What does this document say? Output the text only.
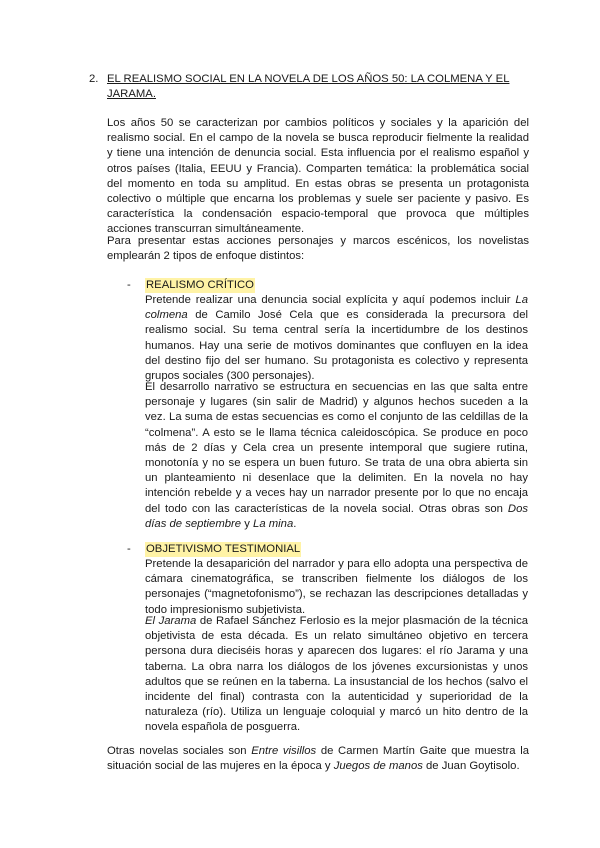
2. EL REALISMO SOCIAL EN LA NOVELA DE LOS AÑOS 50: LA COLMENA Y EL JARAMA.

Los años 50 se caracterizan por cambios políticos y sociales y la aparición del realismo social. En el campo de la novela se busca reproducir fielmente la realidad y tiene una intención de denuncia social. Esta influencia por el realismo español y otros países (Italia, EEUU y Francia). Comparten temática: la problemática social del momento en toda su amplitud. En estas obras se presenta un protagonista colectivo o múltiple que encarna los problemas y suele ser paciente y pasivo. Es característica la condensación espacio-temporal que provoca que múltiples acciones transcurran simultáneamente.

Para presentar estas acciones personajes y marcos escénicos, los novelistas emplearán 2 tipos de enfoque distintos:

- REALISMO CRÍTICO

Pretende realizar una denuncia social explícita y aquí podemos incluir La colmena de Camilo José Cela que es considerada la precursora del realismo social. Su tema central sería la incertidumbre de los destinos humanos. Hay una serie de motivos dominantes que confluyen en la idea del destino fijo del ser humano. Su protagonista es colectivo y representa grupos sociales (300 personajes).

El desarrollo narrativo se estructura en secuencias en las que salta entre personaje y lugares (sin salir de Madrid) y algunos hechos suceden a la vez. La suma de estas secuencias es como el conjunto de las celdillas de la “colmena”. A esto se le llama técnica caleidoscópica. Se produce en poco más de 2 días y Cela crea un presente intemporal que sugiere rutina, monotonía y no se espera un buen futuro. Se trata de una obra abierta sin un planteamiento ni desenlace que la delimiten. En la novela no hay intención rebelde y a veces hay un narrador presente por lo que no encaja del todo con las características de la novela social. Otras obras son Dos días de septiembre y La mina.

- OBJETIVISMO TESTIMONIAL

Pretende la desaparición del narrador y para ello adopta una perspectiva de cámara cinematográfica, se transcriben fielmente los diálogos de los personajes (“magnetofonismo”), se rechazan las descripciones detalladas y todo impresionismo subjetivista.

El Jarama de Rafael Sánchez Ferlosio es la mejor plasmación de la técnica objetivista de esta década. Es un relato simultáneo objetivo en tercera persona dura dieciséis horas y aparecen dos lugares: el río Jarama y una taberna. La obra narra los diálogos de los jóvenes excursionistas y unos adultos que se reúnen en la taberna. La insustancial de los hechos (salvo el incidente del final) contrasta con la autenticidad y superioridad de la naturaleza (río). Utiliza un lenguaje coloquial y marcó un hito dentro de la novela española de posguerra.

Otras novelas sociales son Entre visillos de Carmen Martín Gaite que muestra la situación social de las mujeres en la época y Juegos de manos de Juan Goytisolo.
